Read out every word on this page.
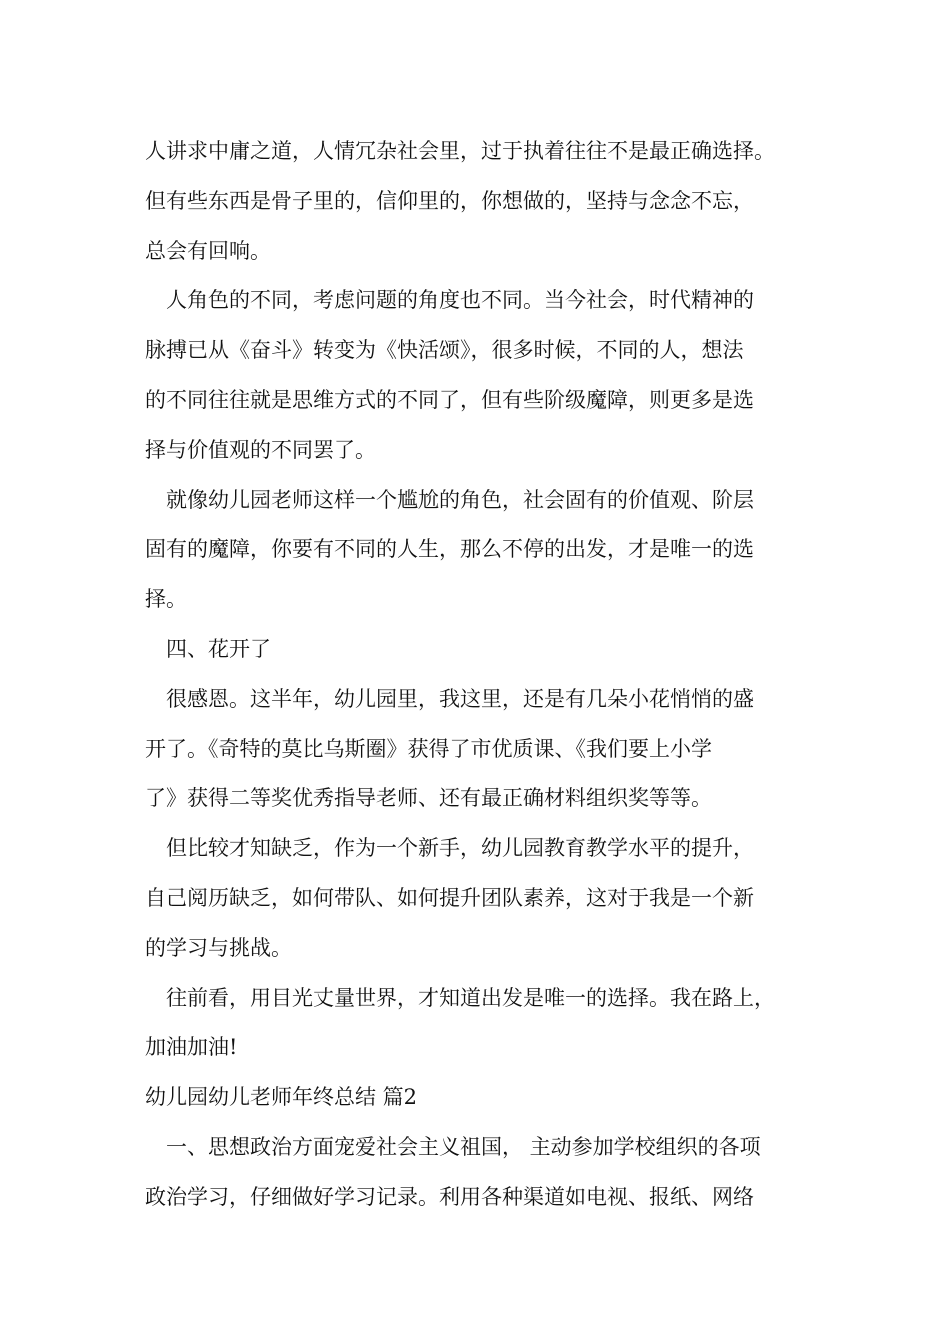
人讲求中庸之道，人情冗杂社会里，过于执着往往不是最正确选择。
但有些东西是骨子里的，信仰里的，你想做的，坚持与念念不忘，
总会有回响。
人角色的不同，考虑问题的角度也不同。当今社会，时代精神的
脉搏已从《奋斗》转变为《快活颂》，很多时候，不同的人，想法
的不同往往就是思维方式的不同了，但有些阶级魔障，则更多是选
择与价值观的不同罢了。
就像幼儿园老师这样一个尴尬的角色，社会固有的价值观、阶层
固有的魔障，你要有不同的人生，那么不停的出发，才是唯一的选
择。
四、花开了
很感恩。这半年，幼儿园里，我这里，还是有几朵小花悄悄的盛
开了。《奇特的莫比乌斯圈》获得了市优质课、《我们要上小学
了》获得二等奖优秀指导老师、还有最正确材料组织奖等等。
但比较才知缺乏，作为一个新手，幼儿园教育教学水平的提升，
自己阅历缺乏，如何带队、如何提升团队素养，这对于我是一个新
的学习与挑战。
往前看，用目光丈量世界，才知道出发是唯一的选择。我在路上，
加油加油!
幼儿园幼儿老师年终总结 篇2
一、思想政治方面宠爱社会主义祖国， 主动参加学校组织的各项
政治学习，仔细做好学习记录。利用各种渠道如电视、报纸、网络
